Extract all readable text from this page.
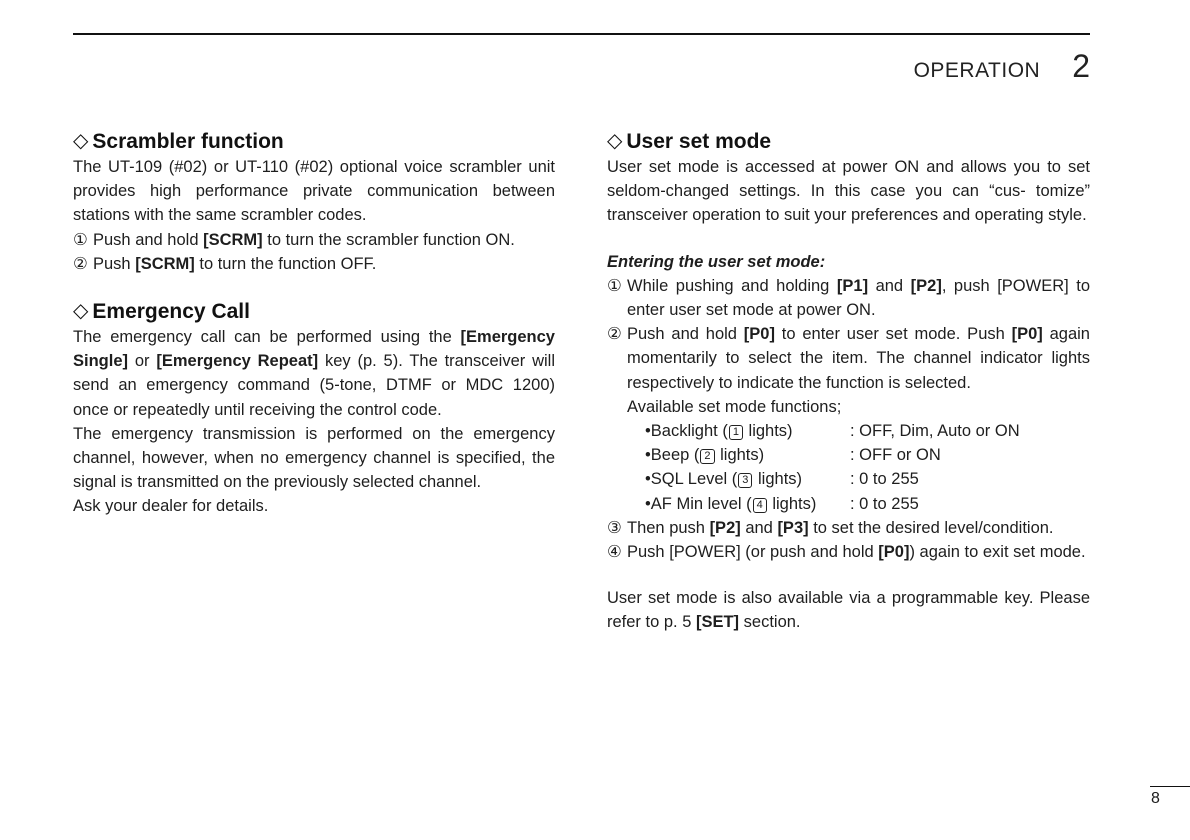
OPERATION 2
◇ Scrambler function

The UT-109 (#02) or UT-110 (#02) optional voice scrambler unit provides high performance private communication between stations with the same scrambler codes.

① Push and hold [SCRM] to turn the scrambler function ON.
② Push [SCRM] to turn the function OFF.
◇ Emergency Call

The emergency call can be performed using the [Emergency Single] or [Emergency Repeat] key (p. 5). The transceiver will send an emergency command (5-tone, DTMF or MDC 1200) once or repeatedly until receiving the control code.

The emergency transmission is performed on the emergency channel, however, when no emergency channel is specified, the signal is transmitted on the previously selected channel.

Ask your dealer for details.

◇ User set mode

User set mode is accessed at power ON and allows you to set seldom-changed settings. In this case you can “cus- tomize” transceiver operation to suit your preferences and operating style.

Entering the user set mode:

① While pushing and holding [P1] and [P2], push [POWER] to enter user set mode at power ON.
② Push and hold [P0] to enter user set mode. Push [P0] again momentarily to select the item. The channel indicator lights respectively to indicate the function is selected.
Available set mode functions;
•Backlight ( 1 lights)	: OFF, Dim, Auto or ON
•Beep ( 2 lights)	: OFF or ON
•SQL Level ( 3 lights)	: 0 to 255
•AF Min level ( 4 lights)	: 0 to 255
③ Then push [P2] and [P3] to set the desired level/condition.
④ Push [POWER] (or push and hold [P0]) again to exit set mode.

User set mode is also available via a programmable key. Please refer to p. 5 [SET] section.

8
